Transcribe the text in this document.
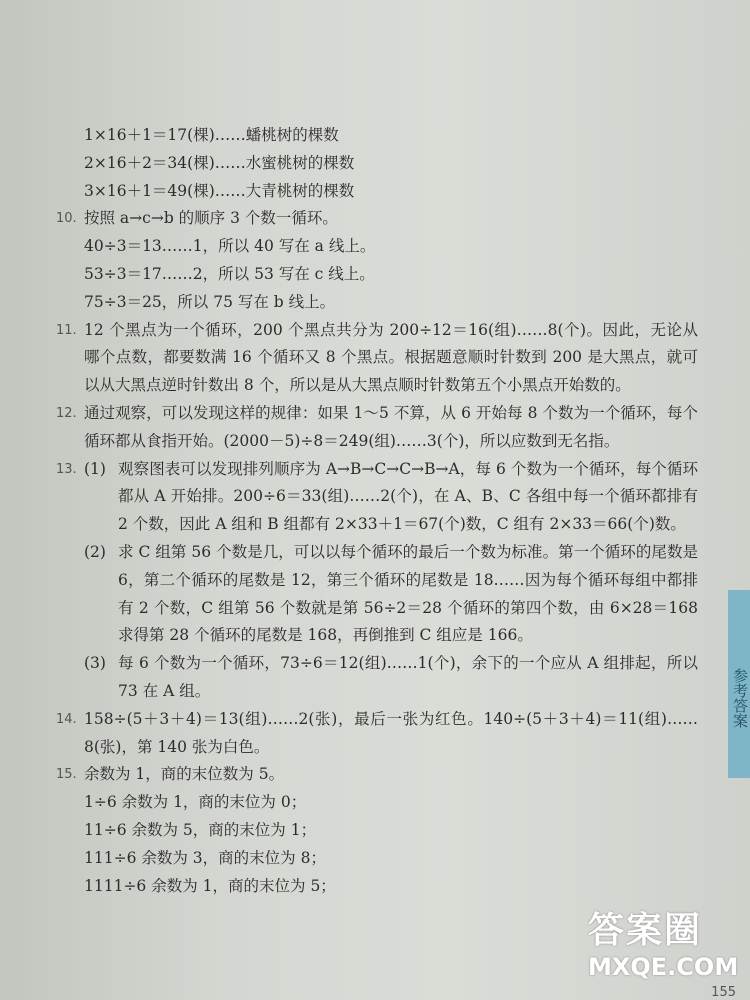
1×16＋1＝17(棵)……蟠桃树的棵数
2×16＋2＝34(棵)……水蜜桃树的棵数
3×16＋1＝49(棵)……大青桃树的棵数
10. 按照 a→c→b 的顺序 3 个数一循环。
40÷3＝13……1，所以 40 写在 a 线上。
53÷3＝17……2，所以 53 写在 c 线上。
75÷3＝25，所以 75 写在 b 线上。
11. 12 个黑点为一个循环，200 个黑点共分为 200÷12＝16(组)……8(个)。因此，无论从哪个点数，都要数满 16 个循环又 8 个黑点。根据题意顺时针数到 200 是大黑点，就可以从大黑点逆时针数出 8 个，所以是从大黑点顺时针数第五个小黑点开始数的。
12. 通过观察，可以发现这样的规律：如果 1～5 不算，从 6 开始每 8 个数为一个循环，每个循环都从食指开始。(2000－5)÷8＝249(组)……3(个)，所以应数到无名指。
13. (1) 观察图表可以发现排列顺序为 A→B→C→C→B→A，每 6 个数为一个循环，每个循环都从 A 开始排。200÷6＝33(组)……2(个)，在 A、B、C 各组中每一个循环都排有 2 个数，因此 A 组和 B 组都有 2×33＋1＝67(个)数，C 组有 2×33＝66(个)数。
(2) 求 C 组第 56 个数是几，可以以每个循环的最后一个数为标准。第一个循环的尾数是 6，第二个循环的尾数是 12，第三个循环的尾数是 18……因为每个循环每组中都排有 2 个数，C 组第 56 个数就是第 56÷2＝28 个循环的第四个数，由 6×28＝168 求得第 28 个循环的尾数是 168，再倒推到 C 组应是 166。
(3) 每 6 个数为一个循环，73÷6＝12(组)……1(个)，余下的一个应从 A 组排起，所以 73 在 A 组。
14. 158÷(5＋3＋4)＝13(组)……2(张)，最后一张为红色。140÷(5＋3＋4)＝11(组)……8(张)，第 140 张为白色。
15. 余数为 1，商的末位数为 5。
1÷6 余数为 1，商的末位为 0；
11÷6 余数为 5，商的末位为 1；
111÷6 余数为 3，商的末位为 8；
1111÷6 余数为 1，商的末位为 5；
参考答案
答案圈
MXQE.COM
155
